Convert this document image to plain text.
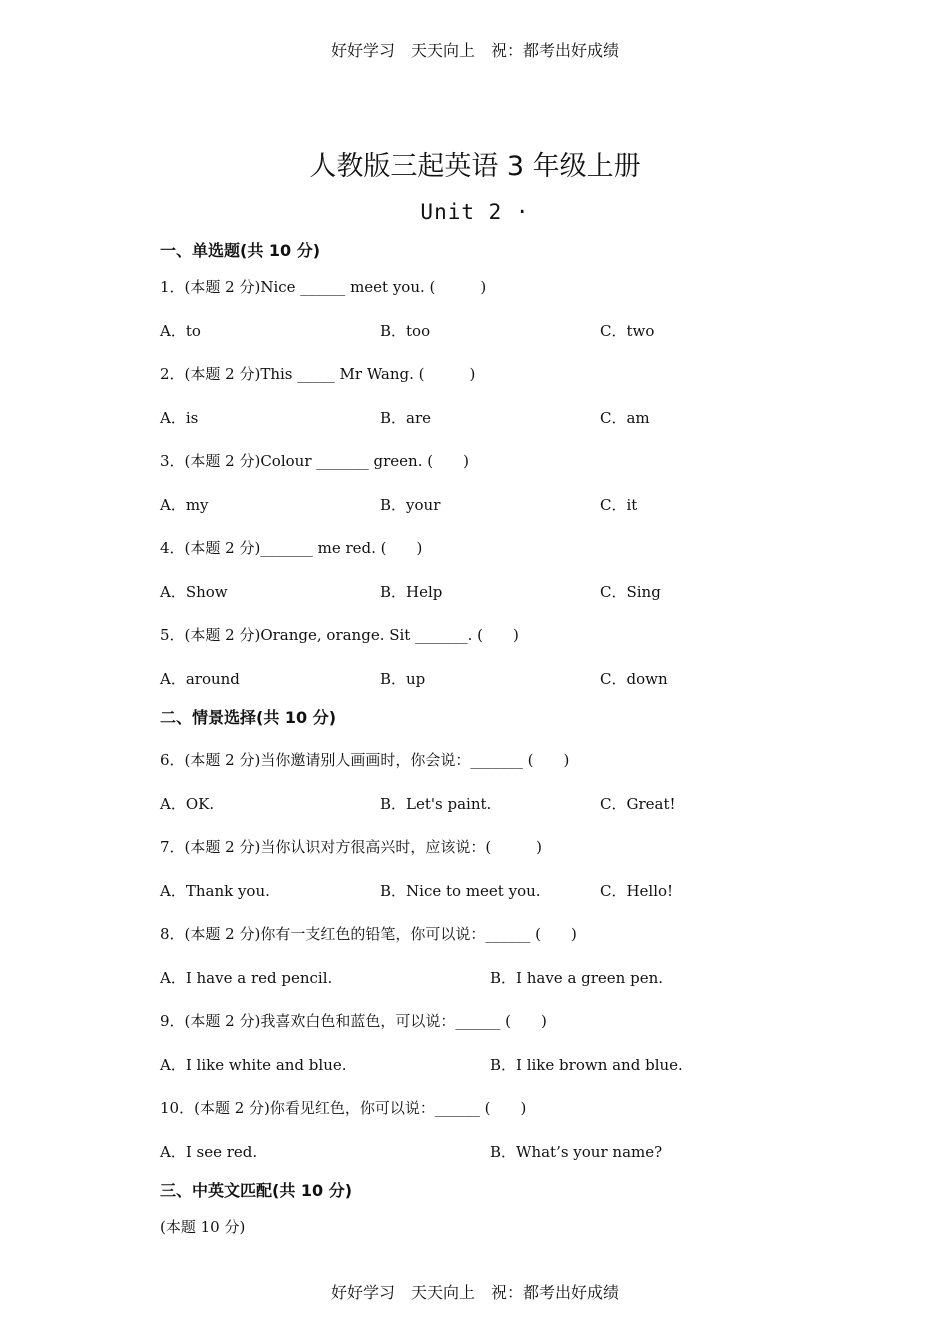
好好学习　天天向上　祝：都考出好成绩
人教版三起英语 3 年级上册
Unit 2 ·
一、单选题(共 10 分)
1．(本题 2 分)Nice ______ meet you. (　　　)
A．to	B．too	C．two
2．(本题 2 分)This _____ Mr Wang. (　　　)
A．is	B．are	C．am
3．(本题 2 分)Colour _______ green. (　　)
A．my	B．your	C．it
4．(本题 2 分)_______ me red. (　　)
A．Show	B．Help	C．Sing
5．(本题 2 分)Orange, orange. Sit _______. (　　)
A．around	B．up	C．down
二、情景选择(共 10 分)
6．(本题 2 分)当你邀请别人画画时，你会说：_______ (　　)
A．OK.	B．Let's paint.	C．Great!
7．(本题 2 分)当你认识对方很高兴时，应该说：(　　　)
A．Thank you.	B．Nice to meet you.	C．Hello!
8．(本题 2 分)你有一支红色的铅笔，你可以说：______ (　　)
A．I have a red pencil.	B．I have a green pen.
9．(本题 2 分)我喜欢白色和蓝色，可以说：______ (　　)
A．I like white and blue.	B．I like brown and blue.
10．(本题 2 分)你看见红色，你可以说：______ (　　)
A．I see red.	B．What’s your name?
三、中英文匹配(共 10 分)
(本题 10 分)
好好学习　天天向上　祝：都考出好成绩
